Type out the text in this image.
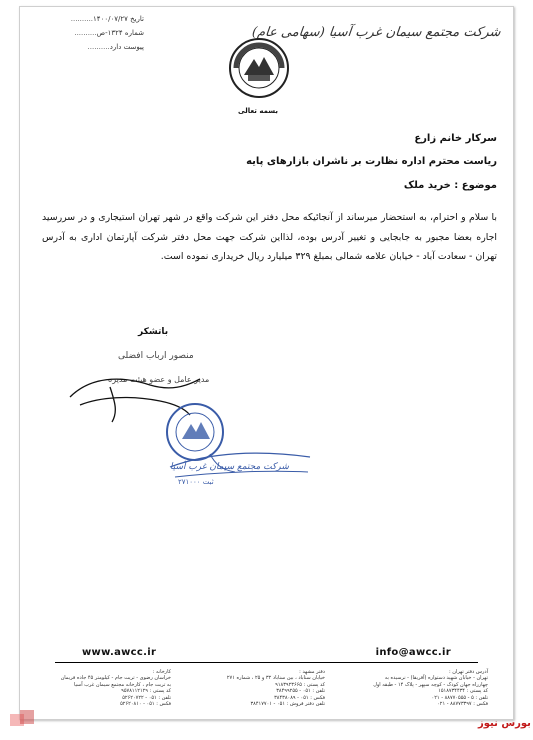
تاریخ ۱۴۰۰/۰۷/۲۷..........
شماره ۱۳۲۴-ص..........
پیوست دارد..........
شرکت مجتمع سیمان غرب آسیا (سهامی عام)
بسمه تعالی
سرکار خانم زارع
ریاست محترم اداره نظارت بر ناشران بازارهای پایه
موضوع : خرید ملک
با سلام و احترام، به استحضار میرساند از آنجائیکه محل دفتر این شرکت واقع در شهر تهران استیجاری و در سررسید اجاره بعضا مجبور به جابجایی و تغییر آدرس بوده، لذااین شرکت جهت محل دفتر شرکت آپارتمان اداری به آدرس تهران - سعادت آباد - خیابان علامه شمالی بمبلغ ۳۲۹ میلیارد ریال خریداری نموده است.
باتشکر
منصور ارباب افضلی
مدیر عامل و عضو هیئت مدیره
شرکت مجتمع سیمان غرب آسیا
ثبت ۲۷۱۰۰۰
www.awcc.ir	info@awcc.ir
آدرس دفتر تهران :
تهران - خیابان شهید دستواره (آفریقا) - نرسیده به
چهارراه جهان کودک - کوچه سپهر - پلاک ۱۴ - طبقه اول
کد پستی : ۱۵۱۸۷۳۴۴۳۴
تلفن : ۵ - ۸۸۷۷۰۵۵۵ - ۰۲۱
فکس : ۸۸۷۷۳۳۹۷ - ۰۲۱
دفتر مشهد :
خیابان سناباد ، بین سناباد ۳۲ و ۲۵ ، شماره ۲۷۱
کد پستی : ۹۱۸۳۹۲۳۶۶۵
تلفن : ۰۵۱ - ۳۸۴۹۹۲۵۵
فکس : ۰۵۱ - ۳۸۴۳۸۰۸۹
تلفن دفتر فروش : ۰۵۱ - ۳۸۴۱۷۷۰۱
کارخانه :
خراسان رضوی - تربت جام - کیلومتر ۴۵ جاده فریمان
به تربت جام ، کارخانه مجتمع سیمان غرب آسیا
کد پستی : ۹۵۷۸۱۱۲۱۲۹
تلفن : ۰۵۱ - ۵۲۶۲۰۷۲۲
فکس : ۰۵۱ - ۵۲۶۲۰۸۱۰
بورس نیوز
